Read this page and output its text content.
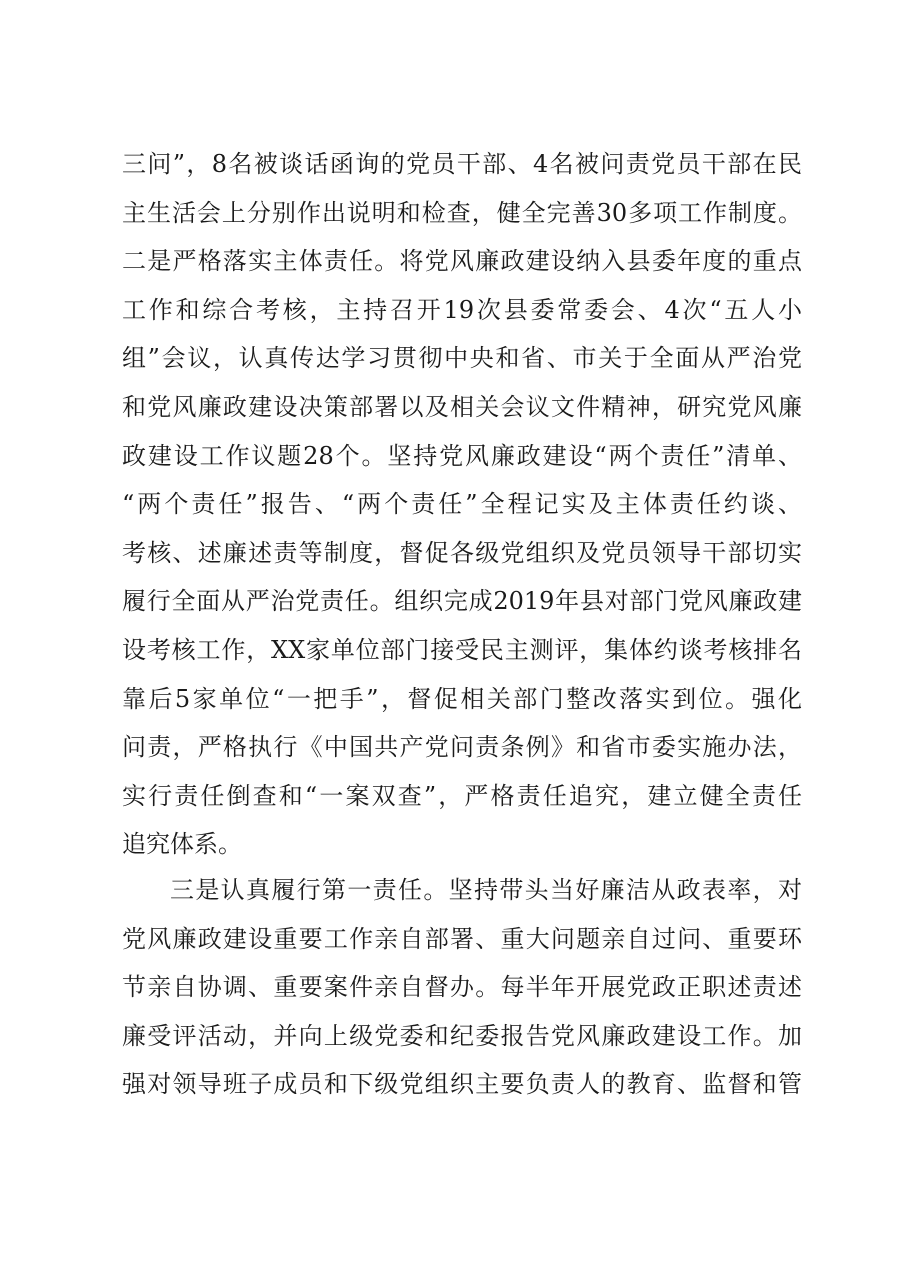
三问”，8名被谈话函询的党员干部、4名被问责党员干部在民
主生活会上分别作出说明和检查，健全完善30多项工作制度。
二是严格落实主体责任。将党风廉政建设纳入县委年度的重点
工作和综合考核，主持召开19次县委常委会、4次“五人小
组”会议，认真传达学习贯彻中央和省、市关于全面从严治党
和党风廉政建设决策部署以及相关会议文件精神，研究党风廉
政建设工作议题28个。坚持党风廉政建设“两个责任”清单、
“两个责任”报告、“两个责任”全程记实及主体责任约谈、
考核、述廉述责等制度，督促各级党组织及党员领导干部切实
履行全面从严治党责任。组织完成2019年县对部门党风廉政建
设考核工作，XX家单位部门接受民主测评，集体约谈考核排名
靠后5家单位“一把手”，督促相关部门整改落实到位。强化
问责，严格执行《中国共产党问责条例》和省市委实施办法，
实行责任倒查和“一案双查”，严格责任追究，建立健全责任
追究体系。
三是认真履行第一责任。坚持带头当好廉洁从政表率，对
党风廉政建设重要工作亲自部署、重大问题亲自过问、重要环
节亲自协调、重要案件亲自督办。每半年开展党政正职述责述
廉受评活动，并向上级党委和纪委报告党风廉政建设工作。加
强对领导班子成员和下级党组织主要负责人的教育、监督和管
